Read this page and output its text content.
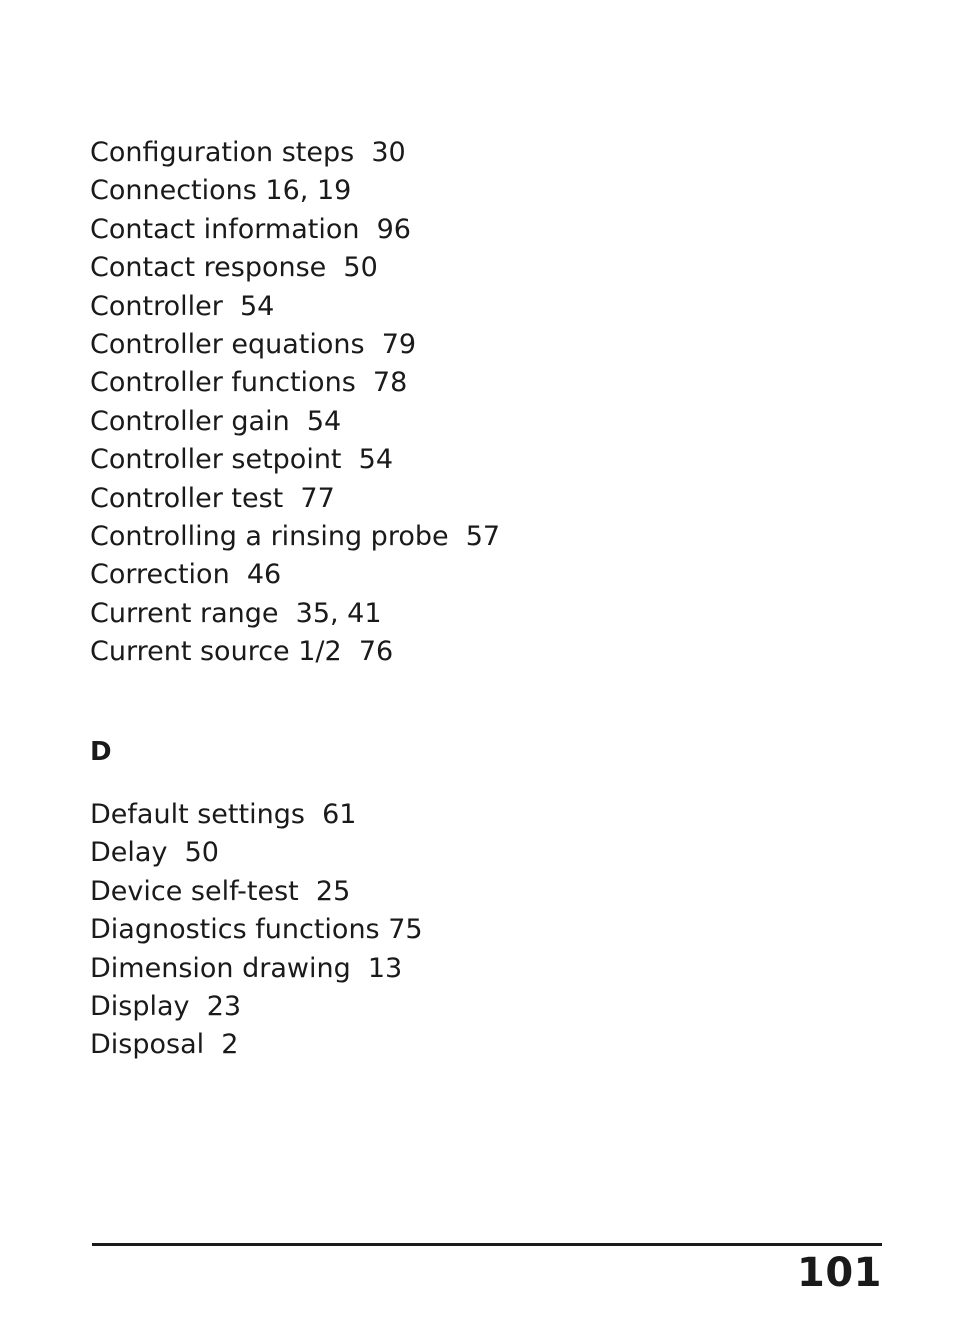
Configuration steps  30
Connections 16, 19
Contact information  96
Contact response  50
Controller  54
Controller equations  79
Controller functions  78
Controller gain  54
Controller setpoint  54
Controller test  77
Controlling a rinsing probe  57
Correction  46
Current range  35, 41
Current source 1/2  76
D
Default settings  61
Delay  50
Device self-test  25
Diagnostics functions 75
Dimension drawing  13
Display  23
Disposal  2
101
